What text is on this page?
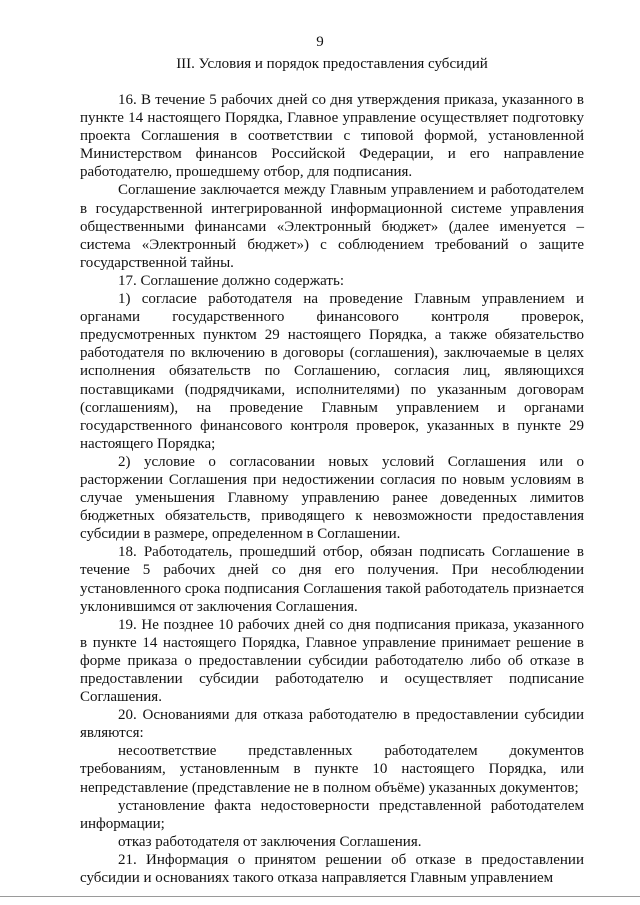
9
III. Условия и порядок предоставления субсидий

16. В течение 5 рабочих дней со дня утверждения приказа, указанного в пункте 14 настоящего Порядка, Главное управление осуществляет подготовку проекта Соглашения в соответствии с типовой формой, установленной Министерством финансов Российской Федерации, и его направление работодателю, прошедшему отбор, для подписания.

Соглашение заключается между Главным управлением и работодателем в государственной интегрированной информационной системе управления общественными финансами «Электронный бюджет» (далее именуется – система «Электронный бюджет») с соблюдением требований о защите государственной тайны.

17. Соглашение должно содержать:

1) согласие работодателя на проведение Главным управлением и органами государственного финансового контроля проверок, предусмотренных пунктом 29 настоящего Порядка, а также обязательство работодателя по включению в договоры (соглашения), заключаемые в целях исполнения обязательств по Соглашению, согласия лиц, являющихся поставщиками (подрядчиками, исполнителями) по указанным договорам (соглашениям), на проведение Главным управлением и органами государственного финансового контроля проверок, указанных в пункте 29 настоящего Порядка;

2) условие о согласовании новых условий Соглашения или о расторжении Соглашения при недостижении согласия по новым условиям в случае уменьшения Главному управлению ранее доведенных лимитов бюджетных обязательств, приводящего к невозможности предоставления субсидии в размере, определенном в Соглашении.

18. Работодатель, прошедший отбор, обязан подписать Соглашение в течение 5 рабочих дней со дня его получения. При несоблюдении установленного срока подписания Соглашения такой работодатель признается уклонившимся от заключения Соглашения.

19. Не позднее 10 рабочих дней со дня подписания приказа, указанного в пункте 14 настоящего Порядка, Главное управление принимает решение в форме приказа о предоставлении субсидии работодателю либо об отказе в предоставлении субсидии работодателю и осуществляет подписание Соглашения.

20. Основаниями для отказа работодателю в предоставлении субсидии являются:

несоответствие представленных работодателем документов требованиям, установленным в пункте 10 настоящего Порядка, или непредставление (представление не в полном объёме) указанных документов;

установление факта недостоверности представленной работодателем информации;

отказ работодателя от заключения Соглашения.

21. Информация о принятом решении об отказе в предоставлении субсидии и основаниях такого отказа направляется Главным управлением
